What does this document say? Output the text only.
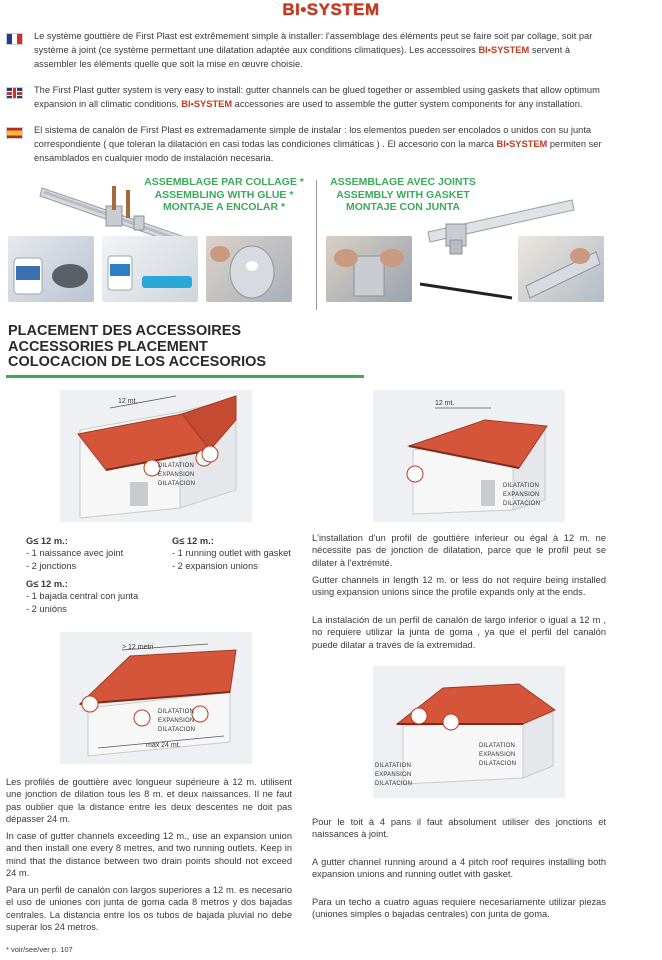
BI•SYSTEM
Le système gouttière de First Plast est extrêmement simple à installer: l'assemblage des éléments peut se faire soit par collage, soit par système à joint (ce système permettant une dilatation adaptée aux conditions climatiques). Les accessoires BI•SYSTEM servent à assembler les éléments quelle que soit la mise en œuvre choisie.
The First Plast gutter system is very easy to install: gutter channels can be glued together or assembled using gaskets that allow optimum expansion in all climatic conditions. BI•SYSTEM accessories are used to assemble the gutter system components for any installation.
El sistema de canalón de First Plast es extremadamente simple de instalar : los elementos pueden ser encolados o unidos con su junta correspondiente ( que toleran la dilatación en casi todas las condiciones climáticas ) . El accesorio con la marca BI•SYSTEM permiten ser ensamblados en cualquier modo de instalación necesaria.
ASSEMBLAGE PAR COLLAGE *
ASSEMBLING WITH GLUE *
MONTAJE A ENCOLAR *
ASSEMBLAGE AVEC JOINTS
ASSEMBLY WITH GASKET
MONTAJE CON JUNTA
PLACEMENT DES ACCESSOIRES
ACCESSORIES PLACEMENT
COLOCACION DE LOS ACCESORIOS
12 mt.
DILATATION
EXPANSION
DILATACION
12 mt.
DILATATION
EXPANSION
DILATACION
G≤ 12 m.:
- 1 naissance avec joint
- 2 jonctions
G≤ 12 m.:
- 1 running outlet with gasket
- 2 expansion unions
G≤ 12 m.:
- 1 bajada central con junta
- 2 unións
L'installation d'un profil de gouttière inferieur ou égal à 12 m. ne nécessite pas de jonction de dilatation, parce que le profil peut se dilater à l'extrémité.
Gutter channels in length 12 m. or less do not require being installed using expansion unions since the profile expands only at the ends.
La instalación de un perfil de canalón de largo inferior o igual a 12 m , no requiere utilizar la junta de goma , ya que el perfil del canalón puede dilatar a través de la extremidad.
> 12 metri
max 24 mt.
DILATATION
EXPANSION
DILATACION
DILATATION
EXPANSION
DILATACION
DILATATION
EXPANSION
DILATACION
Les profilés de gouttière avec longueur supérieure à 12 m. utilisent une jonction de dilation tous les 8 m. et deux naissances. Il ne faut pas oublier que la distance entre les deux descentes ne doit pas dépasser 24 m.
In case of gutter channels exceeding 12 m., use an expansion union and then install one every 8 metres, and two running outlets. Keep in mind that the distance between two drain points should not exceed 24 m.
Para un perfil de canalón con largos superiores a 12 m. es necesario el uso de uniones con junta de goma cada 8 metros y dos bajadas centrales. La distancia entre los os tubos de bajada pluvial no debe superar los 24 metros.
Pour le toit à 4 pans il faut absolument utiliser des jonctions et naissances à joint.
A gutter channel running around a 4 pitch roof requires installing both expansion unions and running outlet with gasket.
Para un techo a cuatro aguas requiere necesariamente utilizar piezas (uniones simples o bajadas centrales) con junta de goma.
* voir/see/ver p. 107
